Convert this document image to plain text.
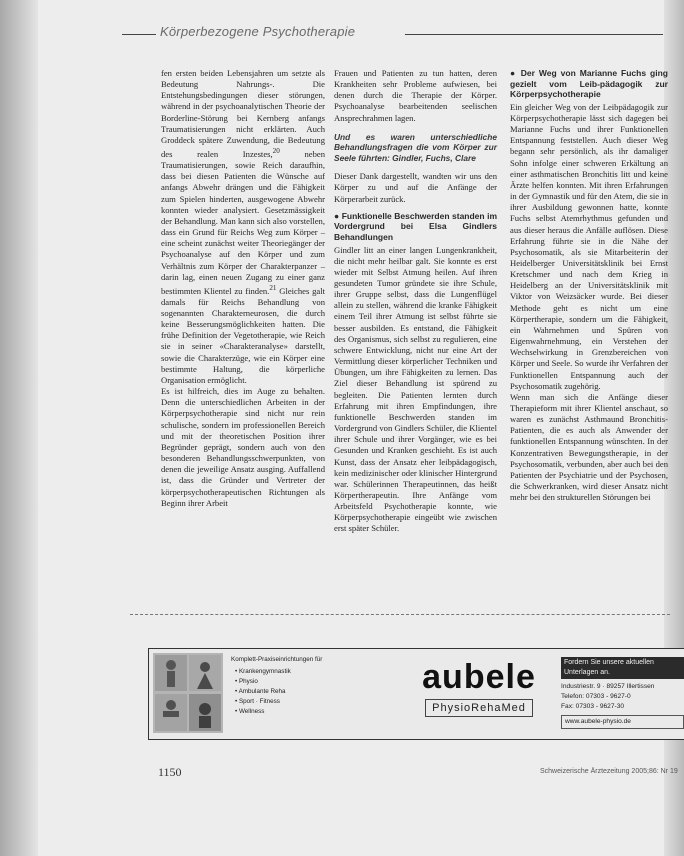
Körperbezogene Psychotherapie

fen ersten beiden Lebensjahren um setzte als Bedeutung Nahrungs-. Die Entstehungsbedingungen dieser störungen, während in der psychoanalytischen Theorie der Borderline-Störung bei Kernberg anfangs Traumatisierungen nicht erklärten. Auch Groddeck spätere Zuwendung, die Bedeutung des realen Inzestes,$^{20}$ neben Traumatisierungen, sowie Reich daraufhin, dass bei diesen Patienten die Wünsche auf anfangs Abwehr drängen und die Fähigkeit zum Spielen hinderten, ausgewogene Abwehr konnten wieder analysiert. Gesetzmässigkeit der Behandlung. Man kann sich also vorstellen, dass ein Grund für Reichs Weg zum Körper – eine scheint zunächst weiter Theoriegänger der Psychoanalyse auf den Körper und zum Verhältnis zum Körper der Charakterpanzer – darin lag, einen neuen Zugang zu einer ganz bestimmten Klientel zu finden.$^{21}$ Gleiches galt damals für Reichs Behandlung von sogenannten Charakterneurosen, die durch keine Besserungsmöglichkeiten hatten. Die frühe Definition der Vegetotherapie, wie Reich sie in seiner «Charakteranalyse» darstellt, sowie die Charakterzüge, wie ein Körper eine bestimmte Haltung, die körperliche Organisation ermöglicht.

Es ist hilfreich, dies im Auge zu behalten. Denn die unterschiedlichen Arbeiten in der Körperpsychotherapie sind nicht nur rein schulische, sondern im professionellen Bereich und mit der theoretischen Position ihrer Begründer geprägt, sondern auch von den besonderen Behandlungsschwerpunkten, von denen die jeweilige Ansatz ausging. Auffallend ist, dass die Gründer und Vertreter der körperpsychotherapeutischen Richtungen als Beginn ihrer Arbeit

Frauen und Patienten zu tun hatten, deren Krankheiten sehr Probleme aufwiesen, bei denen durch die Therapie der Körper. Psychoanalyse bearbeitenden seelischen Ansprechrahmen lagen.

Und es waren unterschiedliche Behandlungsfragen die vom Körper zur Seele führten: Gindler, Fuchs, Clare

Dieser Dank dargestellt, wandten wir uns den Körper zu und auf die Anfänge der Körperarbeit zurück.

● Funktionelle Beschwerden standen im Vordergrund bei Elsa Gindlers Behandlungen

Gindler litt an einer langen Lungenkrankheit, die nicht mehr heilbar galt. Sie konnte es erst wieder mit Selbst Atmung heilen. Auf ihren gesundeten Tumor gründete sie ihre Schule, ihrer Gruppe selbst, dass die Lungenflügel allein zu stellen, während die kranke Fähigkeit einem Teil ihrer Atmung ist selbst führte sie besser ausbilden. Es entstand, die Fähigkeit des Organismus, sich selbst zu regulieren, eine schwere Entwicklung, nicht nur eine Art der Vermittlung dieser körperlicher Techniken und Übungen, um ihre Fähigkeiten zu lernen. Das Ziel dieser Behandlung ist spürend zu begleiten. Die Patienten lernten durch Erfahrung mit ihren Empfindungen, ihre funktionelle Beschwerden standen im Vordergrund von Gindlers Schüler, die Klientel ihrer Schule und ihrer Vorgänger, wie es bei Gesunden und Kranken geschieht. Es ist auch Kunst, dass der Ansatz eher leibpädagogisch, kein medizinischer oder klinischer Hintergrund war. Schülerinnen Therapeutinnen, das heißt Körpertherapeutin. Ihre Anfänge vom Arbeitsfeld Psychotherapie konnte, wie Körperpsychotherapie eingeübt wie zwischen erst später Schüler.

● Der Weg von Marianne Fuchs ging gezielt vom Leib-pädagogik zur Körperpsychotherapie

Ein gleicher Weg von der Leibpädagogik zur Körperpsychotherapie lässt sich dagegen bei Marianne Fuchs und ihrer Funktionellen Entspannung feststellen. Auch dieser Weg begann sehr persönlich, als ihr damaliger Sohn infolge einer schweren Erkältung an einer asthmatischen Bronchitis litt und keine Ärzte helfen konnten. Mit ihren Erfahrungen in der Gymnastik und für den Atem, die sie in ihrer Ausbildung gewonnen hatte, konnte Fuchs selbst Atemrhythmus gefunden und aus dieser heraus die Anfälle auflösen. Diese Erfahrung führte sie in die Nähe der Psychosomatik, als sie Mitarbeiterin der Heidelberger Universitätsklinik bei Ernst Kretschmer und nach dem Krieg in Heidelberg an der Universitätsklinik mit Viktor von Weizsäcker wurde. Bei dieser Methode geht es nicht um eine Körpertherapie, sondern um die Fähigkeit, ein Wahrnehmen und Spüren von Eigenwahrnehmung, ein Verstehen der Wechselwirkung in Grenzbereichen von Körper und Seele. So wurde ihr Verfahren der Funktionellen Entspannung auch der Psychosomatik zugehörig.

Wenn man sich die Anfänge dieser Therapieform mit ihrer Klientel anschaut, so waren es zunächst Asthmaund Bronchitis-Patienten, die es auch als Anwender der funktionellen Entspannung wünschten. In der Konzentrativen Bewegungstherapie, in der Psychosomatik, verbunden, aber auch bei den Patienten der Psychiatrie und der Psychosen, die Schwerkranken, wird dieser Ansatz nicht mehr bei den strukturellen Störungen bei

Komplett-Praxiseinrichtungen für
• Krankengymnastik
• Physio
• Ambulante Reha
• Sport · Fitness
• Wellness
aubele
PhysioRehaMed
Fordern Sie unsere aktuellen Unterlagen an.
Industriestr. 9 · 89257 Illertissen
Telefon: 07303 - 9627-0
Fax: 07303 - 9627-30
www.aubele-physio.de
1150	Schweizerische Ärztezeitung 2005;86: Nr 19
